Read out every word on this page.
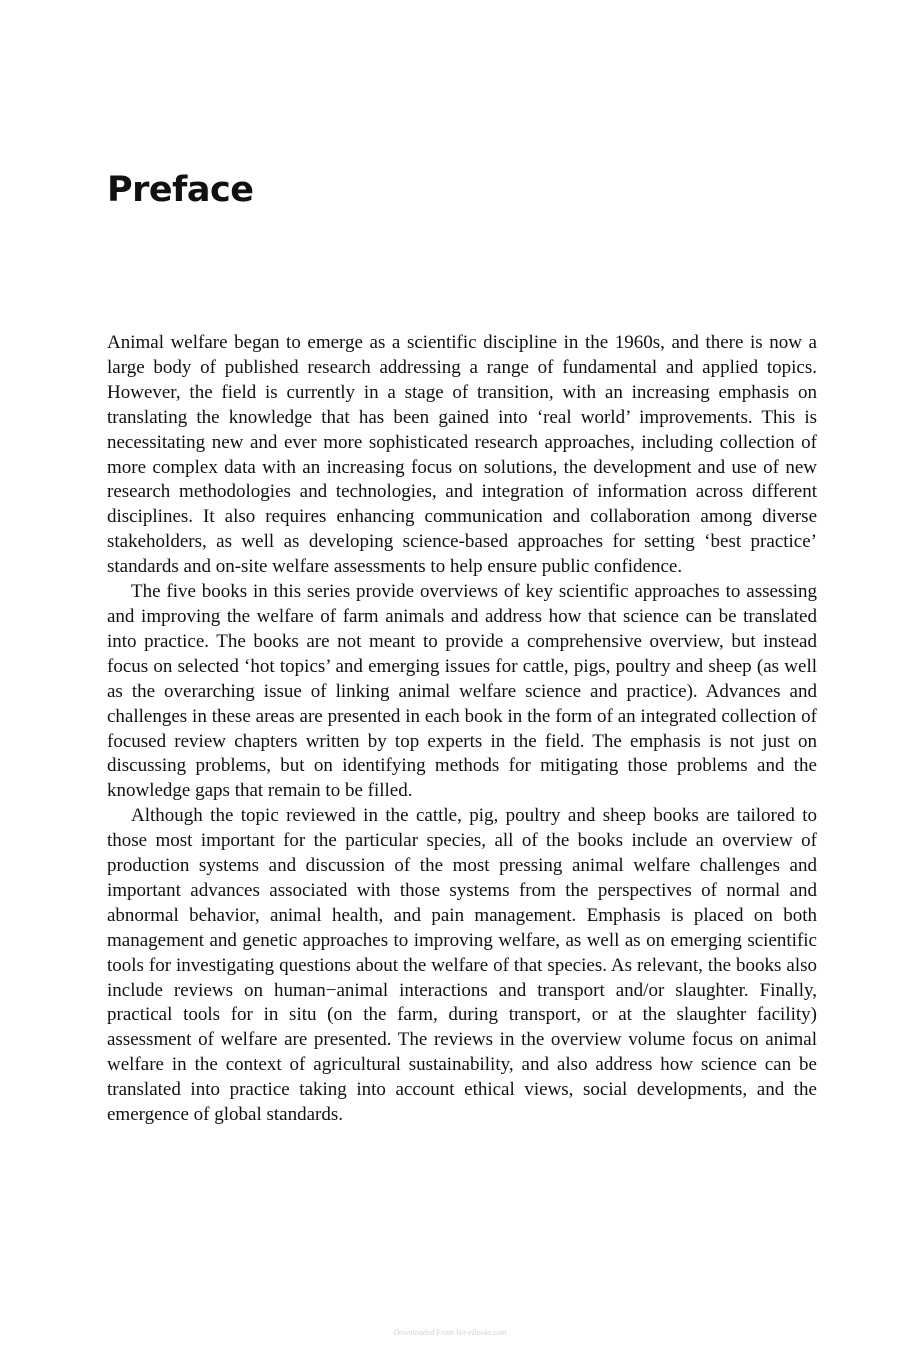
Preface

Animal welfare began to emerge as a scientific discipline in the 1960s, and there is now a large body of published research addressing a range of fundamental and applied topics. However, the field is currently in a stage of transition, with an increasing emphasis on translating the knowledge that has been gained into ‘real world’ improvements. This is necessitating new and ever more sophisticated research approaches, including collection of more complex data with an increasing focus on solutions, the development and use of new research methodologies and technologies, and integration of information across different disciplines. It also requires enhancing communication and collaboration among diverse stakeholders, as well as developing science-based approaches for setting ‘best practice’ standards and on-site welfare assessments to help ensure public confidence.

The five books in this series provide overviews of key scientific approaches to assessing and improving the welfare of farm animals and address how that science can be translated into practice. The books are not meant to provide a comprehensive overview, but instead focus on selected ‘hot topics’ and emerging issues for cattle, pigs, poultry and sheep (as well as the overarching issue of linking animal welfare science and practice). Advances and challenges in these areas are presented in each book in the form of an integrated collection of focused review chapters written by top experts in the field. The emphasis is not just on discussing problems, but on identifying methods for mitigating those problems and the knowledge gaps that remain to be filled.

Although the topic reviewed in the cattle, pig, poultry and sheep books are tailored to those most important for the particular species, all of the books include an overview of production systems and discussion of the most pressing animal welfare challenges and important advances associated with those systems from the perspectives of normal and abnormal behavior, animal health, and pain management. Emphasis is placed on both management and genetic approaches to improving welfare, as well as on emerging scientific tools for investigating questions about the welfare of that species. As relevant, the books also include reviews on human−animal interactions and transport and/or slaughter. Finally, practical tools for in situ (on the farm, during transport, or at the slaughter facility) assessment of welfare are presented. The reviews in the overview volume focus on animal welfare in the context of agricultural sustainability, and also address how science can be translated into practice taking into account ethical views, social developments, and the emergence of global standards.

Downloaded From Vet-eBooks.com
